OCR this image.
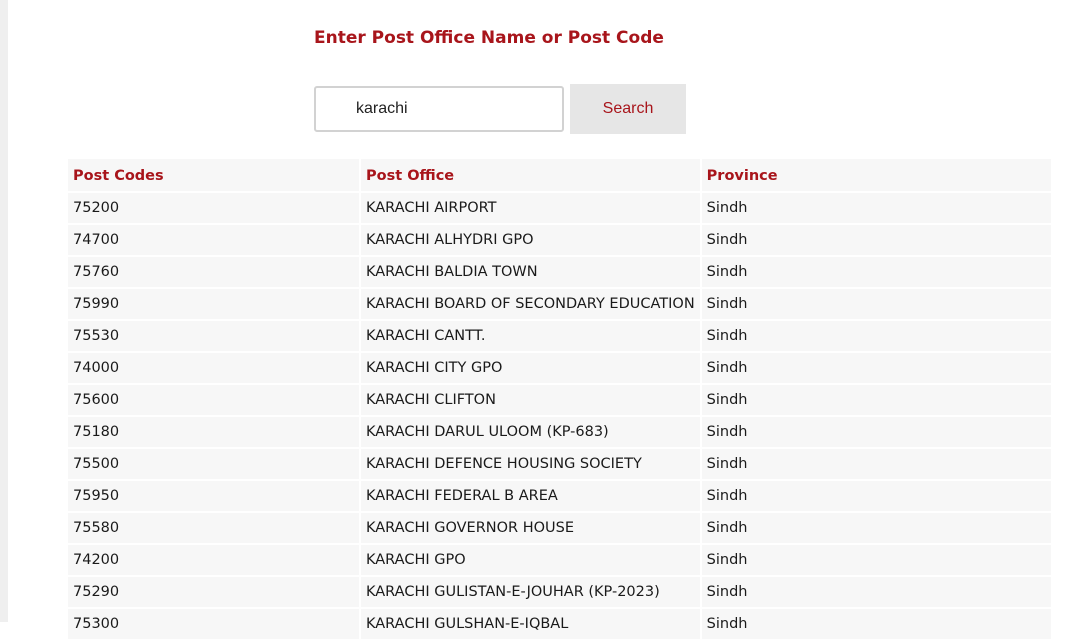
Enter Post Office Name or Post Code
karachi
Search
Post Codes	Post Office	Province
75200	KARACHI AIRPORT	Sindh
74700	KARACHI ALHYDRI GPO	Sindh
75760	KARACHI BALDIA TOWN	Sindh
75990	KARACHI BOARD OF SECONDARY EDUCATION	Sindh
75530	KARACHI CANTT.	Sindh
74000	KARACHI CITY GPO	Sindh
75600	KARACHI CLIFTON	Sindh
75180	KARACHI DARUL ULOOM (KP-683)	Sindh
75500	KARACHI DEFENCE HOUSING SOCIETY	Sindh
75950	KARACHI FEDERAL B AREA	Sindh
75580	KARACHI GOVERNOR HOUSE	Sindh
74200	KARACHI GPO	Sindh
75290	KARACHI GULISTAN-E-JOUHAR (KP-2023)	Sindh
75300	KARACHI GULSHAN-E-IQBAL	Sindh
